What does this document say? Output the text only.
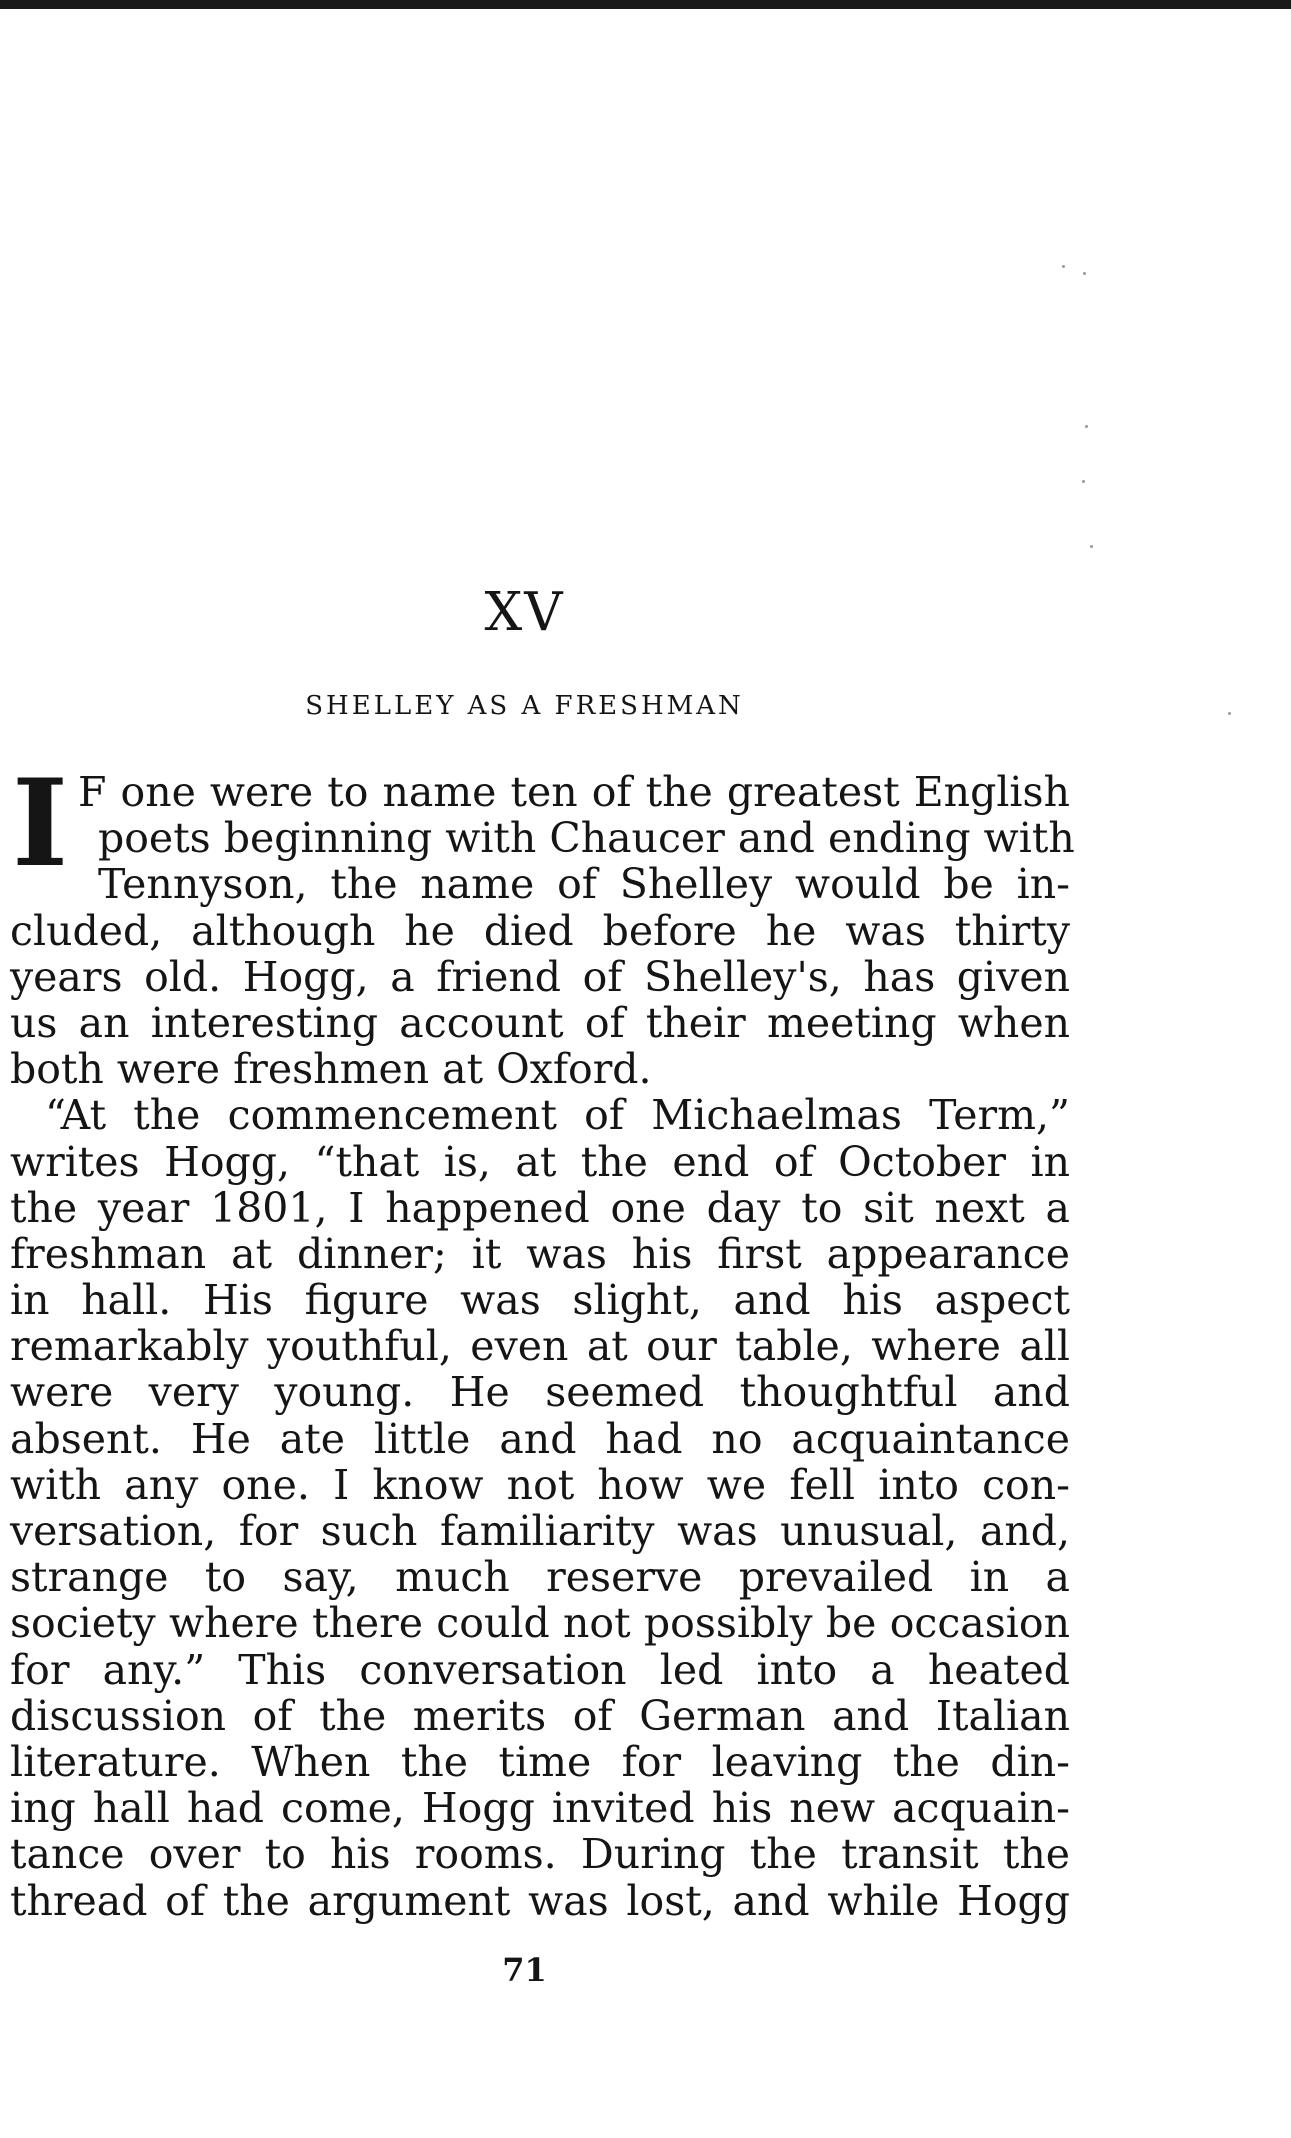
XV
SHELLEY AS A FRESHMAN
I F one were to name ten of the greatest English
poets beginning with Chaucer and ending with
Tennyson, the name of Shelley would be in-
cluded, although he died before he was thirty
years old. Hogg, a friend of Shelley's, has given
us an interesting account of their meeting when
both were freshmen at Oxford.
“At the commencement of Michaelmas Term,”
writes Hogg, “that is, at the end of October in
the year 1801, I happened one day to sit next a
freshman at dinner; it was his first appearance
in hall. His figure was slight, and his aspect
remarkably youthful, even at our table, where all
were very young. He seemed thoughtful and
absent. He ate little and had no acquaintance
with any one. I know not how we fell into con-
versation, for such familiarity was unusual, and,
strange to say, much reserve prevailed in a
society where there could not possibly be occasion
for any.” This conversation led into a heated
discussion of the merits of German and Italian
literature. When the time for leaving the din-
ing hall had come, Hogg invited his new acquain-
tance over to his rooms. During the transit the
thread of the argument was lost, and while Hogg
71
